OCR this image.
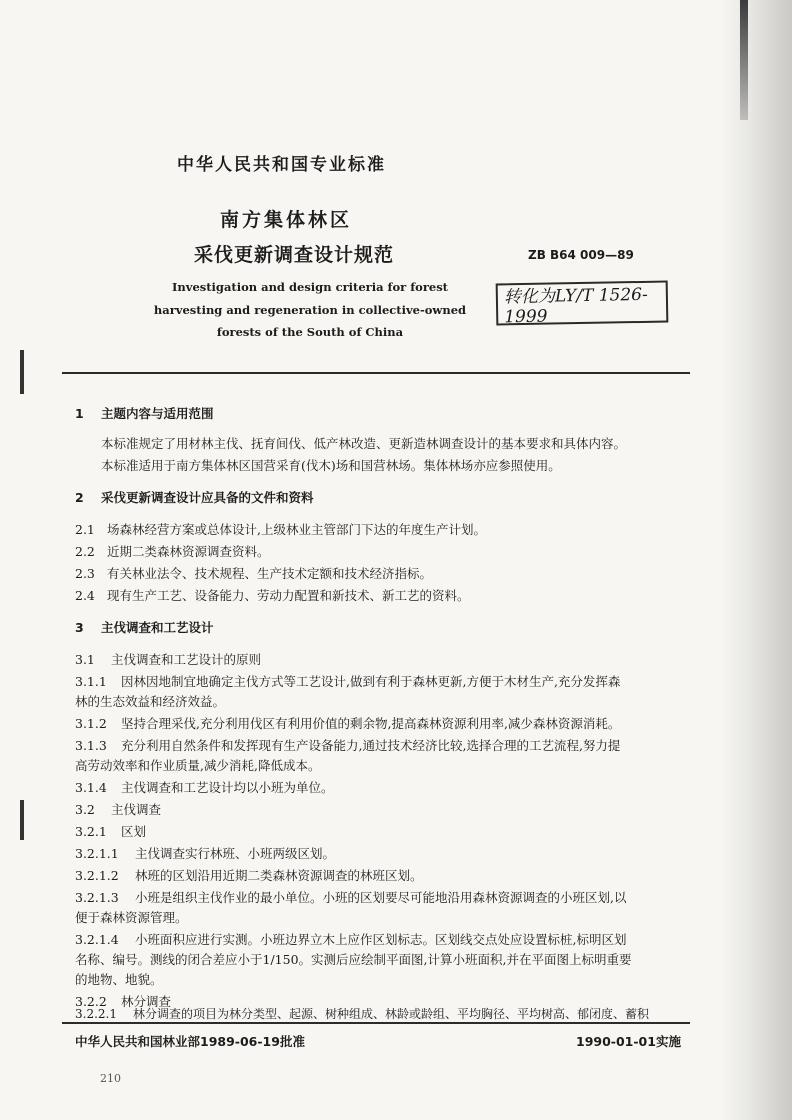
中华人民共和国专业标准
南方集体林区
采伐更新调查设计规范	ZB B64 009—89
Investigation and design criteria for forest
harvesting and regeneration in collective-owned
forests of the South of China
转化为LY/T 1526-1999
1 主题内容与适用范围
本标准规定了用材林主伐、抚育间伐、低产林改造、更新造林调查设计的基本要求和具体内容。
本标准适用于南方集体林区国营采育(伐木)场和国营林场。集体林场亦应参照使用。
2 采伐更新调查设计应具备的文件和资料
2.1 场森林经营方案或总体设计,上级林业主管部门下达的年度生产计划。
2.2 近期二类森林资源调查资料。
2.3 有关林业法令、技术规程、生产技术定额和技术经济指标。
2.4 现有生产工艺、设备能力、劳动力配置和新技术、新工艺的资料。
3 主伐调查和工艺设计
3.1 主伐调查和工艺设计的原则
3.1.1 因林因地制宜地确定主伐方式等工艺设计,做到有利于森林更新,方便于木材生产,充分发挥森
林的生态效益和经济效益。
3.1.2 坚持合理采伐,充分利用伐区有利用价值的剩余物,提高森林资源利用率,减少森林资源消耗。
3.1.3 充分利用自然条件和发挥现有生产设备能力,通过技术经济比较,选择合理的工艺流程,努力提
高劳动效率和作业质量,减少消耗,降低成本。
3.1.4 主伐调查和工艺设计均以小班为单位。
3.2 主伐调查
3.2.1 区划
3.2.1.1 主伐调查实行林班、小班两级区划。
3.2.1.2 林班的区划沿用近期二类森林资源调查的林班区划。
3.2.1.3 小班是组织主伐作业的最小单位。小班的区划要尽可能地沿用森林资源调查的小班区划,以
便于森林资源管理。
3.2.1.4 小班面积应进行实测。小班边界立木上应作区划标志。区划线交点处应设置标桩,标明区划
名称、编号。测线的闭合差应小于1/150。实测后应绘制平面图,计算小班面积,并在平面图上标明重要
的地物、地貌。
3.2.2 林分调查
3.2.2.1 林分调查的项目为林分类型、起源、树种组成、林龄或龄组、平均胸径、平均树高、郁闭度、蓄积
中华人民共和国林业部1989-06-19批准	1990-01-01实施
210
